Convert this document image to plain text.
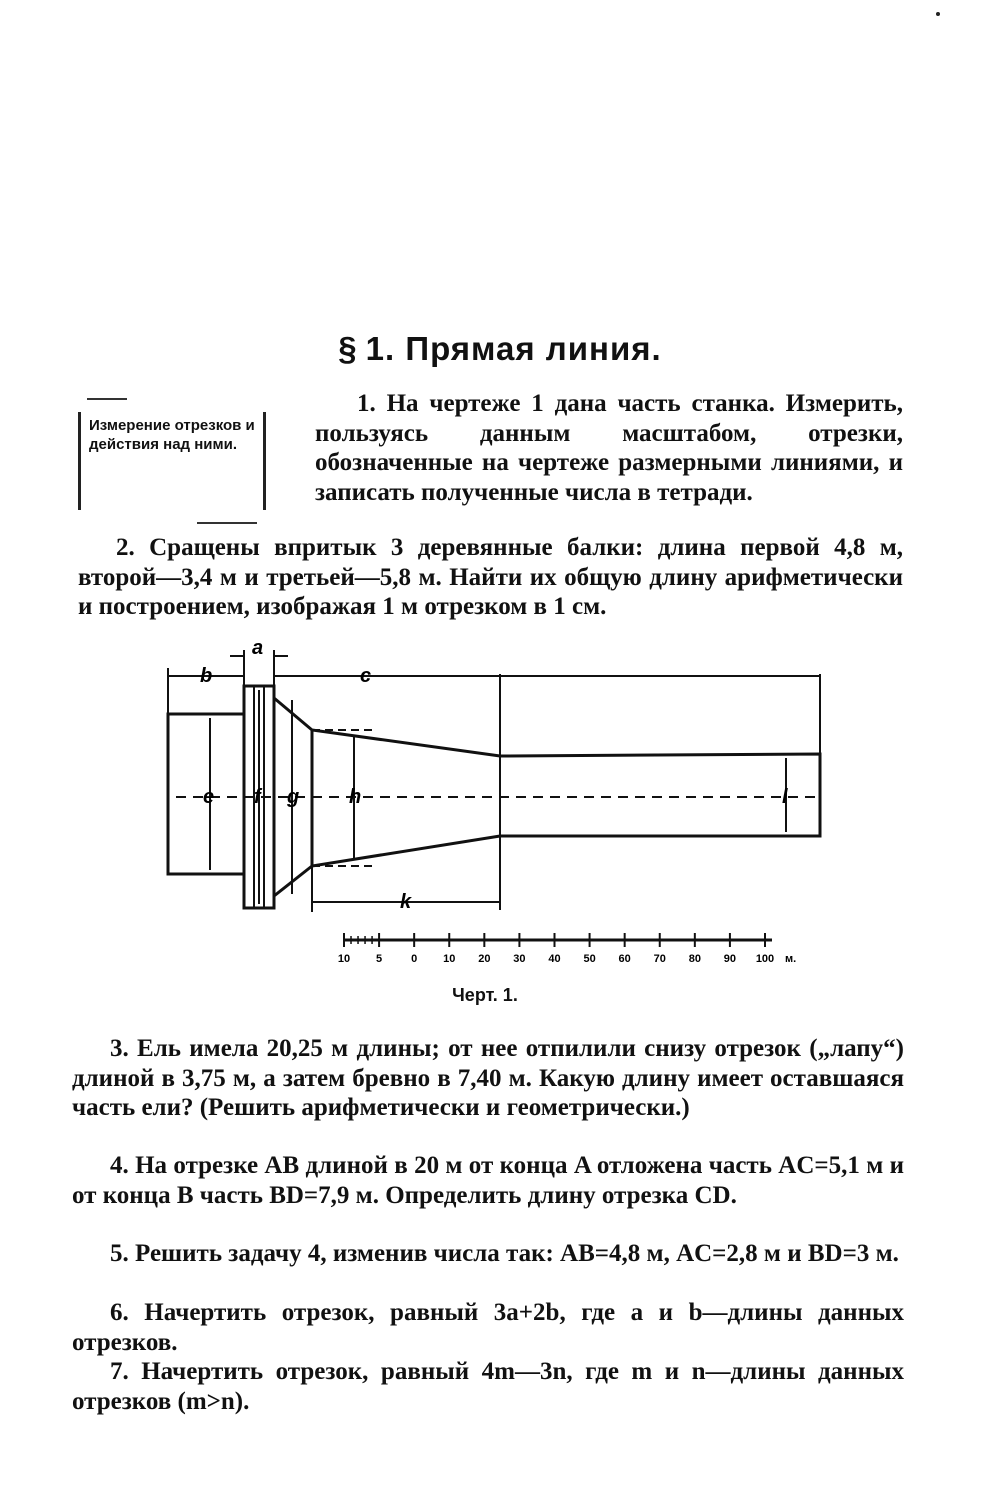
§ 1. Прямая линия.
Измерение отрезков и действия над ними.

1. На чертеже 1 дана часть станка. Измерить, пользуясь данным масштабом, отрезки, обозначенные на чертеже размерными линиями, и записать полученные числа в тетради.

2. Сращены впритык 3 деревянные балки: длина первой 4,8 м, второй—3,4 м и третьей—5,8 м. Найти их общую длину арифметически и построением, изображая 1 м отрезком в 1 см.

b
a
c
e f g h
k
l
10 5	0 10 20 30 40 50 60 70 80 90 100 м.
Черт. 1.

3. Ель имела 20,25 м длины; от нее отпилили снизу отрезок („лапу“) длиной в 3,75 м, а затем бревно в 7,40 м. Какую длину имеет оставшаяся часть ели? (Решить арифметически и геометрически.)

4. На отрезке AB длиной в 20 м от конца A отложена часть AC=5,1 м и от конца B часть BD=7,9 м. Определить длину отрезка CD.

5. Решить задачу 4, изменив числа так: AB=4,8 м, AC=2,8 м и BD=3 м.

6. Начертить отрезок, равный 3a+2b, где a и b—длины данных отрезков.

7. Начертить отрезок, равный 4m—3n, где m и n—длины данных отрезков (m>n).
